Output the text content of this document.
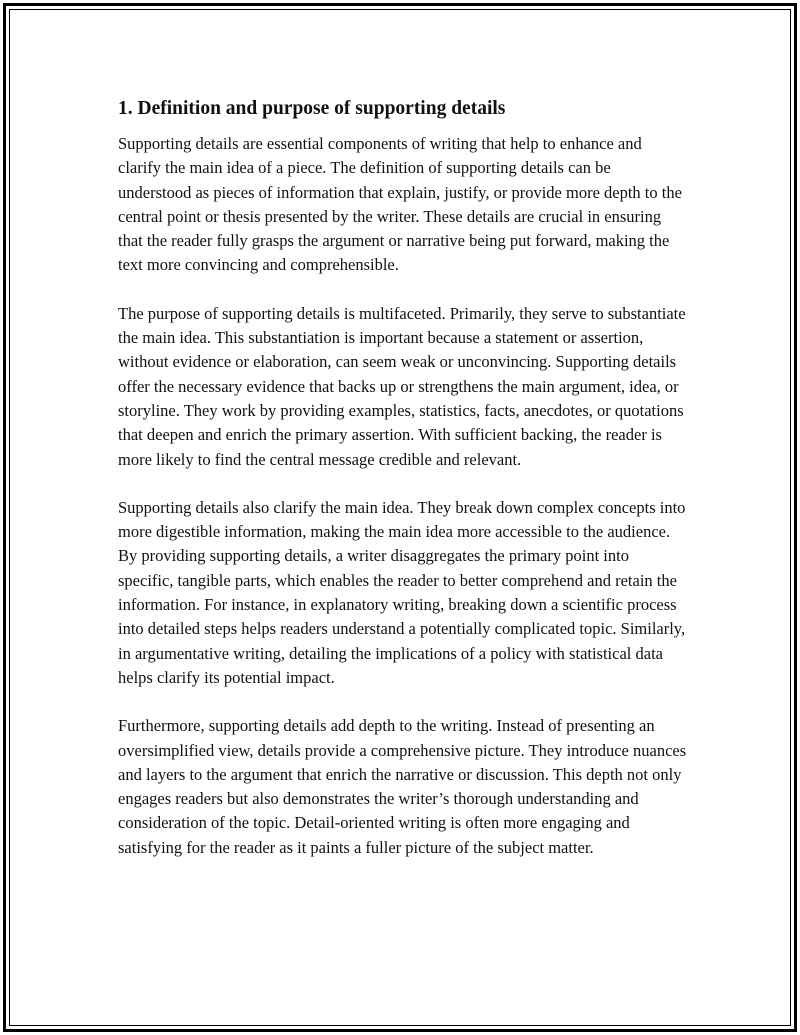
1. Definition and purpose of supporting details

Supporting details are essential components of writing that help to enhance and clarify the main idea of a piece. The definition of supporting details can be understood as pieces of information that explain, justify, or provide more depth to the central point or thesis presented by the writer. These details are crucial in ensuring that the reader fully grasps the argument or narrative being put forward, making the text more convincing and comprehensible.

The purpose of supporting details is multifaceted. Primarily, they serve to substantiate the main idea. This substantiation is important because a statement or assertion, without evidence or elaboration, can seem weak or unconvincing. Supporting details offer the necessary evidence that backs up or strengthens the main argument, idea, or storyline. They work by providing examples, statistics, facts, anecdotes, or quotations that deepen and enrich the primary assertion. With sufficient backing, the reader is more likely to find the central message credible and relevant.

Supporting details also clarify the main idea. They break down complex concepts into more digestible information, making the main idea more accessible to the audience. By providing supporting details, a writer disaggregates the primary point into specific, tangible parts, which enables the reader to better comprehend and retain the information. For instance, in explanatory writing, breaking down a scientific process into detailed steps helps readers understand a potentially complicated topic. Similarly, in argumentative writing, detailing the implications of a policy with statistical data helps clarify its potential impact.

Furthermore, supporting details add depth to the writing. Instead of presenting an oversimplified view, details provide a comprehensive picture. They introduce nuances and layers to the argument that enrich the narrative or discussion. This depth not only engages readers but also demonstrates the writer’s thorough understanding and consideration of the topic. Detail-oriented writing is often more engaging and satisfying for the reader as it paints a fuller picture of the subject matter.
